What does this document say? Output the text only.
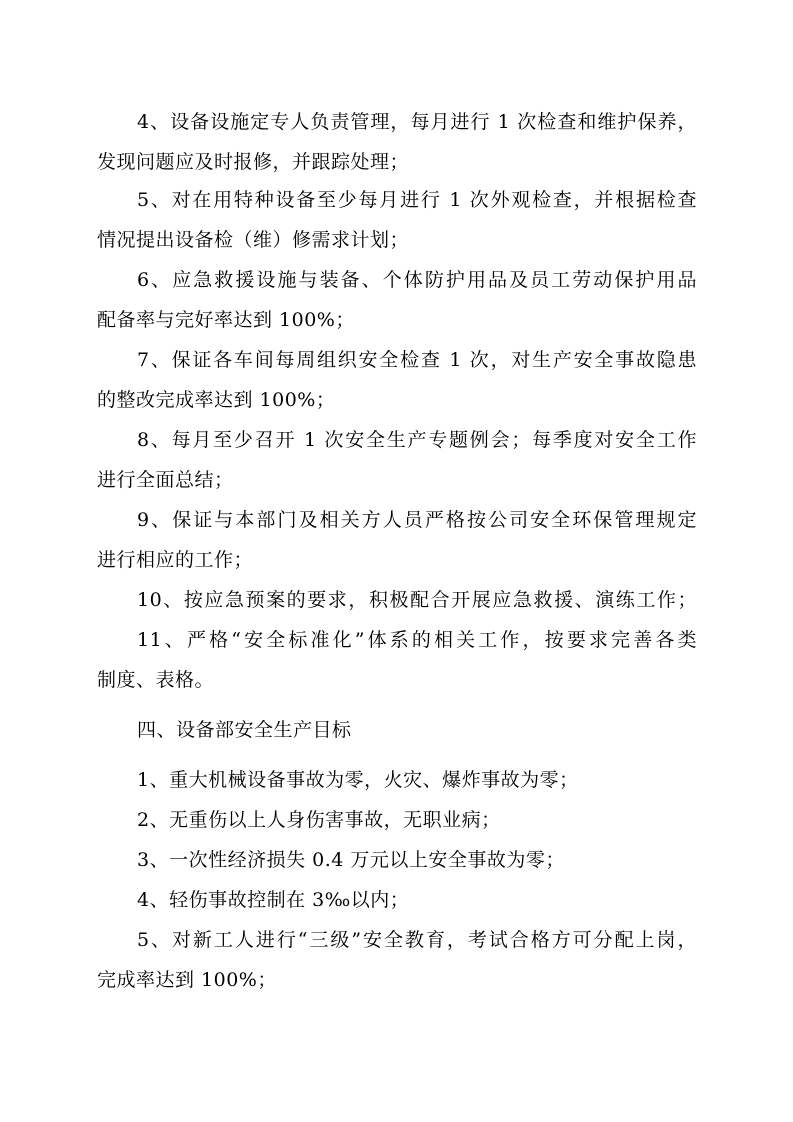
4、设备设施定专人负责管理，每月进行 1 次检查和维护保养，
发现问题应及时报修，并跟踪处理；
5、对在用特种设备至少每月进行 1 次外观检查，并根据检查
情况提出设备检（维）修需求计划；
6、应急救援设施与装备、个体防护用品及员工劳动保护用品
配备率与完好率达到 100%；
7、保证各车间每周组织安全检查 1 次，对生产安全事故隐患
的整改完成率达到 100%；
8、每月至少召开 1 次安全生产专题例会；每季度对安全工作
进行全面总结；
9、保证与本部门及相关方人员严格按公司安全环保管理规定
进行相应的工作；
10、按应急预案的要求，积极配合开展应急救援、演练工作；
11、严格“安全标准化”体系的相关工作，按要求完善各类
制度、表格。
四、设备部安全生产目标
1、重大机械设备事故为零，火灾、爆炸事故为零；
2、无重伤以上人身伤害事故，无职业病；
3、一次性经济损失 0.4 万元以上安全事故为零；
4、轻伤事故控制在 3‰以内；
5、对新工人进行“三级”安全教育，考试合格方可分配上岗，
完成率达到 100%；
